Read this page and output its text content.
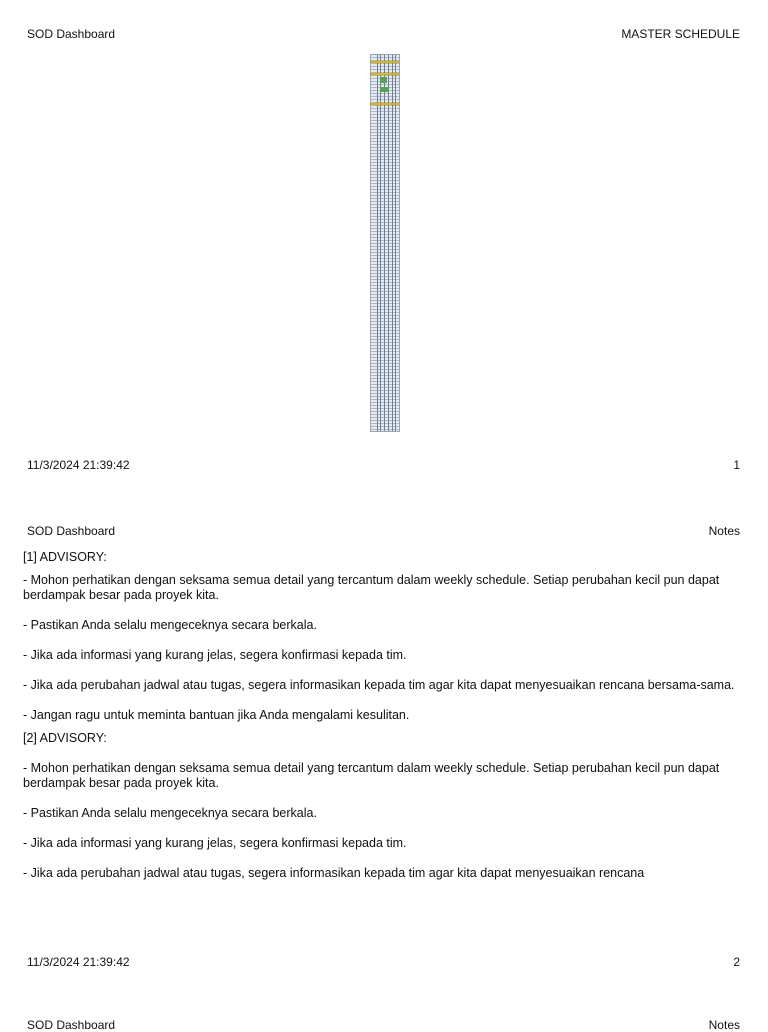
SOD Dashboard	MASTER SCHEDULE
11/3/2024 21:39:42	1
SOD Dashboard	Notes

[1] ADVISORY:

- Mohon perhatikan dengan seksama semua detail yang tercantum dalam weekly schedule. Setiap perubahan kecil pun dapat berdampak besar pada proyek kita.

- Pastikan Anda selalu mengeceknya secara berkala.

- Jika ada informasi yang kurang jelas, segera konfirmasi kepada tim.

- Jika ada perubahan jadwal atau tugas, segera informasikan kepada tim agar kita dapat menyesuaikan rencana bersama-sama.

- Jangan ragu untuk meminta bantuan jika Anda mengalami kesulitan.

[2] ADVISORY:

- Mohon perhatikan dengan seksama semua detail yang tercantum dalam weekly schedule. Setiap perubahan kecil pun dapat berdampak besar pada proyek kita.

- Pastikan Anda selalu mengeceknya secara berkala.

- Jika ada informasi yang kurang jelas, segera konfirmasi kepada tim.

- Jika ada perubahan jadwal atau tugas, segera informasikan kepada tim agar kita dapat menyesuaikan rencana

11/3/2024 21:39:42	2
SOD Dashboard	Notes
